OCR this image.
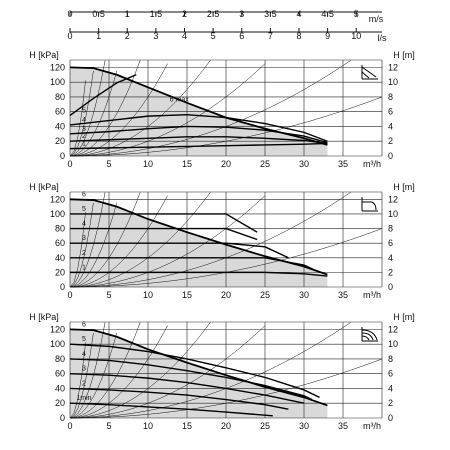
0 0.5 1 1.5 2 2.5 3 3.5 4 4.5 5
0	1	2	3	4	5	6	7	8	9 10
m/s
l/s
6 max
5
4
3
2
1
0
20
40
60
80
100
120
0
2
4
6
8
10
12
0	5	10	15	20	25	30	35
H [kPa]	H [m]
m³/h
6
5
4
3
2
1
0
20
40
60
80
100
120
0
2
4
6
8
10
12
0	5	10	15	20	25	30	35
H [kPa]	H [m]
m³/h
6
5
4
3
2
1min
0
20
40
60
80
100
120
0
2
4
6
8
10
12
0	5	10	15	20	25	30	35
H [kPa]	H [m]
m³/h
